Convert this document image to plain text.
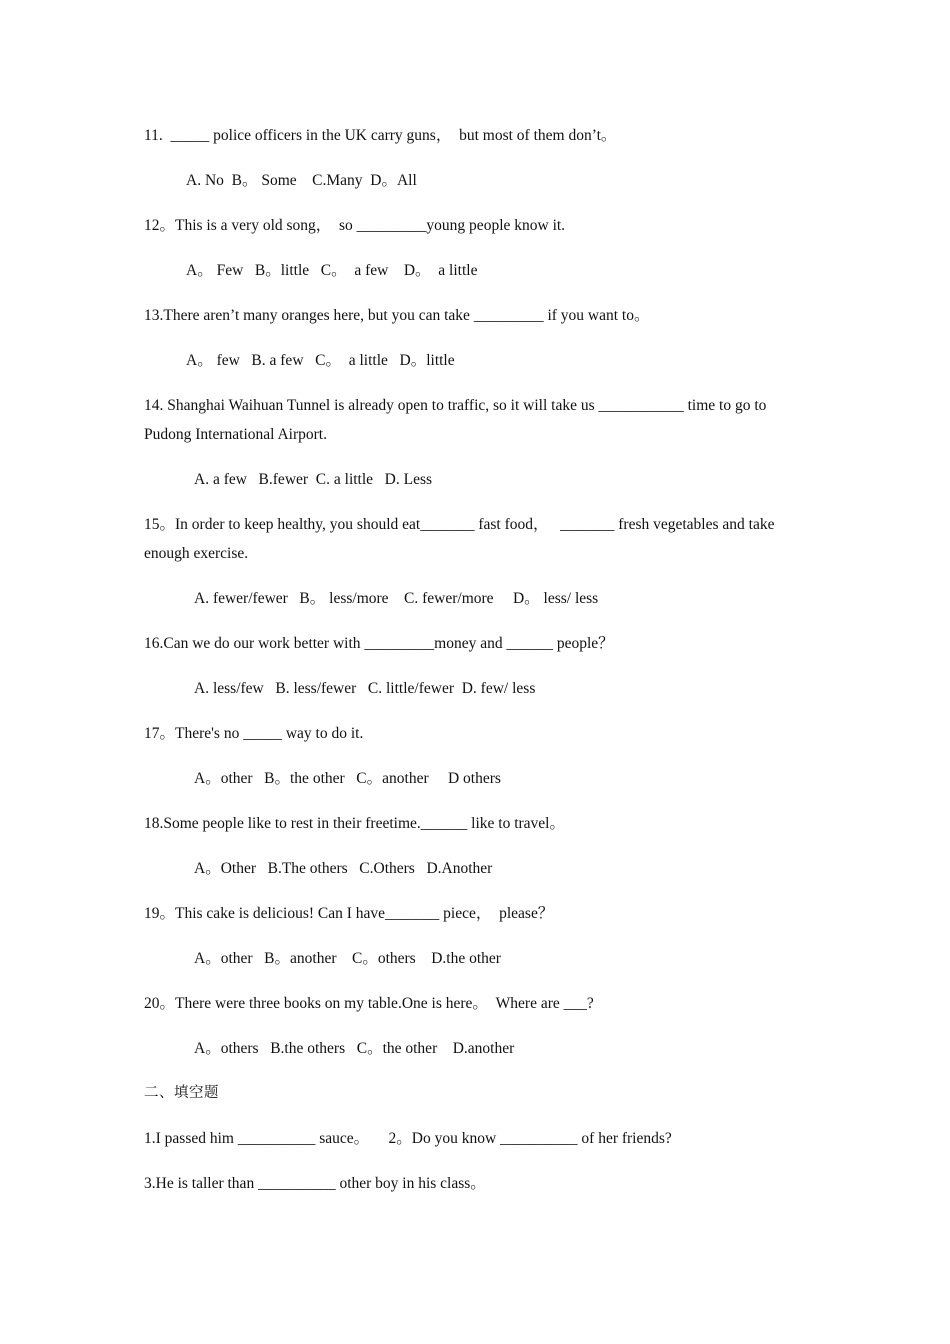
11.  _____ police officers in the UK carry guns，  but most of them don’t。
A. No  B。 Some    C.Many  D。All
12。This is a very old song，  so _________young people know it.
A。 Few   B。little   C。  a few    D。  a little
13.There aren’t many oranges here, but you can take _________ if you want to。
A。 few   B. a few   C。  a little   D。little
14. Shanghai Waihuan Tunnel is already open to traffic, so it will take us ___________ time to go to Pudong International Airport.
A. a few   B.fewer  C. a little   D. Less
15。In order to keep healthy, you should eat_______ fast food，   _______ fresh vegetables and take enough exercise.
A. fewer/fewer   B。 less/more    C. fewer/more     D。 less/ less
16.Can we do our work better with _________money and ______ people？
A. less/few   B. less/fewer   C. little/fewer  D. few/ less
17。There's no _____ way to do it.
A。other   B。the other   C。another     D others
18.Some people like to rest in their freetime.______ like to travel。
A。Other   B.The others   C.Others   D.Another
19。This cake is delicious! Can I have_______ piece，  please？
A。other   B。another    C。others    D.the other
20。There were three books on my table.One is here。  Where are ___?
A。others   B.the others   C。the other    D.another
二、填空题
1.I passed him __________ sauce。     2。Do you know __________ of her friends?
3.He is taller than __________ other boy in his class。
